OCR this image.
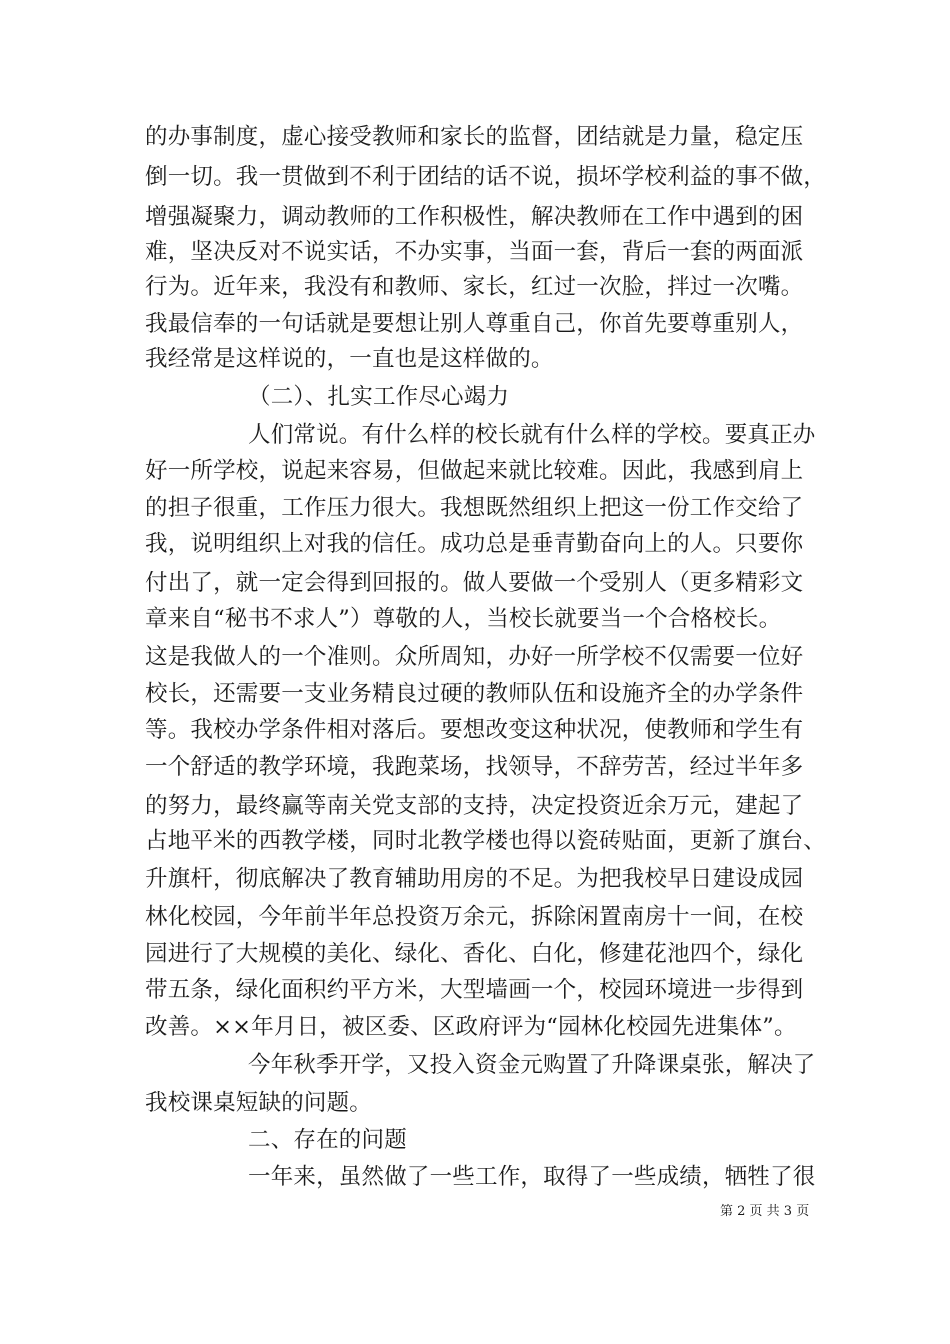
的办事制度，虚心接受教师和家长的监督，团结就是力量，稳定压
倒一切。我一贯做到不利于团结的话不说，损坏学校利益的事不做，
增强凝聚力，调动教师的工作积极性，解决教师在工作中遇到的困
难，坚决反对不说实话，不办实事，当面一套，背后一套的两面派
行为。近年来，我没有和教师、家长，红过一次脸，拌过一次嘴。
我最信奉的一句话就是要想让别人尊重自己，你首先要尊重别人，
我经常是这样说的，一直也是这样做的。
（二）、扎实工作尽心竭力
人们常说。有什么样的校长就有什么样的学校。要真正办
好一所学校，说起来容易，但做起来就比较难。因此，我感到肩上
的担子很重，工作压力很大。我想既然组织上把这一份工作交给了
我，说明组织上对我的信任。成功总是垂青勤奋向上的人。只要你
付出了，就一定会得到回报的。做人要做一个受别人（更多精彩文
章来自“秘书不求人”）尊敬的人，当校长就要当一个合格校长。
这是我做人的一个准则。众所周知，办好一所学校不仅需要一位好
校长，还需要一支业务精良过硬的教师队伍和设施齐全的办学条件
等。我校办学条件相对落后。要想改变这种状况，使教师和学生有
一个舒适的教学环境，我跑菜场，找领导，不辞劳苦，经过半年多
的努力，最终赢等南关党支部的支持，决定投资近余万元，建起了
占地平米的西教学楼，同时北教学楼也得以瓷砖贴面，更新了旗台、
升旗杆，彻底解决了教育辅助用房的不足。为把我校早日建设成园
林化校园，今年前半年总投资万余元，拆除闲置南房十一间，在校
园进行了大规模的美化、绿化、香化、白化，修建花池四个，绿化
带五条，绿化面积约平方米，大型墙画一个，校园环境进一步得到
改善。××年月日，被区委、区政府评为“园林化校园先进集体”。
今年秋季开学，又投入资金元购置了升降课桌张，解决了
我校课桌短缺的问题。
二、存在的问题
一年来，虽然做了一些工作，取得了一些成绩，牺牲了很
第 2 页 共 3 页
